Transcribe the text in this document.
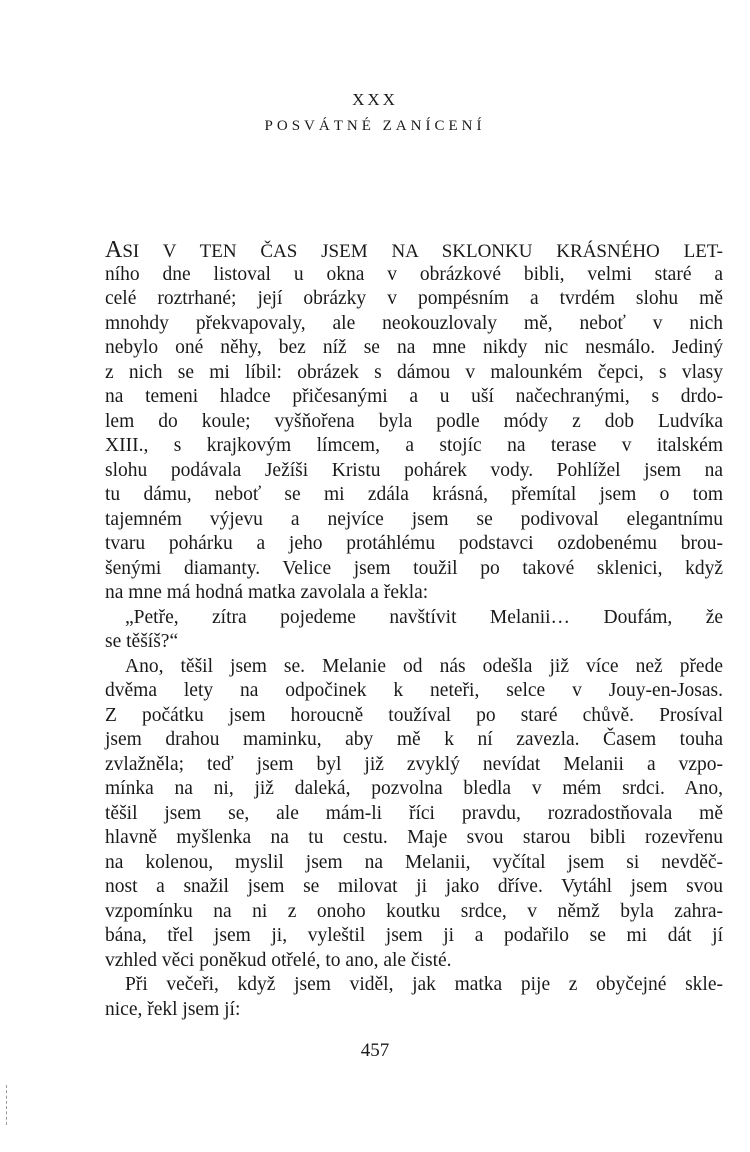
XXX
POSVÁTNÉ ZANÍCENÍ
ASI V TEN ČAS JSEM NA SKLONKU KRÁSNÉHO LET-
ního dne listoval u okna v obrázkové bibli, velmi staré a
celé roztrhané; její obrázky v pompésním a tvrdém slohu mě
mnohdy překvapovaly, ale neokouzlovaly mě, neboť v nich
nebylo oné něhy, bez níž se na mne nikdy nic nesmálo. Jediný
z nich se mi líbil: obrázek s dámou v malounkém čepci, s vlasy
na temeni hladce přičesanými a u uší načechranými, s drdo-
lem do koule; vyšňořena byla podle módy z dob Ludvíka
XIII., s krajkovým límcem, a stojíc na terase v italském
slohu podávala Ježíši Kristu pohárek vody. Pohlížel jsem na
tu dámu, neboť se mi zdála krásná, přemítal jsem o tom
tajemném výjevu a nejvíce jsem se podivoval elegantnímu
tvaru pohárku a jeho protáhlému podstavci ozdobenému brou-
šenými diamanty. Velice jsem toužil po takové sklenici, když
na mne má hodná matka zavolala a řekla:
„Petře, zítra pojedeme navštívit Melanii… Doufám, že
se těšíš?“
Ano, těšil jsem se. Melanie od nás odešla již více než přede
dvěma lety na odpočinek k neteři, selce v Jouy-en-Josas.
Z počátku jsem horoucně toužíval po staré chůvě. Prosíval
jsem drahou maminku, aby mě k ní zavezla. Časem touha
zvlažněla; teď jsem byl již zvyklý nevídat Melanii a vzpo-
mínka na ni, již daleká, pozvolna bledla v mém srdci. Ano,
těšil jsem se, ale mám-li říci pravdu, rozradostňovala mě
hlavně myšlenka na tu cestu. Maje svou starou bibli rozevřenu
na kolenou, myslil jsem na Melanii, vyčítal jsem si nevděč-
nost a snažil jsem se milovat ji jako dříve. Vytáhl jsem svou
vzpomínku na ni z onoho koutku srdce, v němž byla zahra-
bána, třel jsem ji, vyleštil jsem ji a podařilo se mi dát jí
vzhled věci poněkud otřelé, to ano, ale čisté.
Při večeři, když jsem viděl, jak matka pije z obyčejné skle-
nice, řekl jsem jí:
457
